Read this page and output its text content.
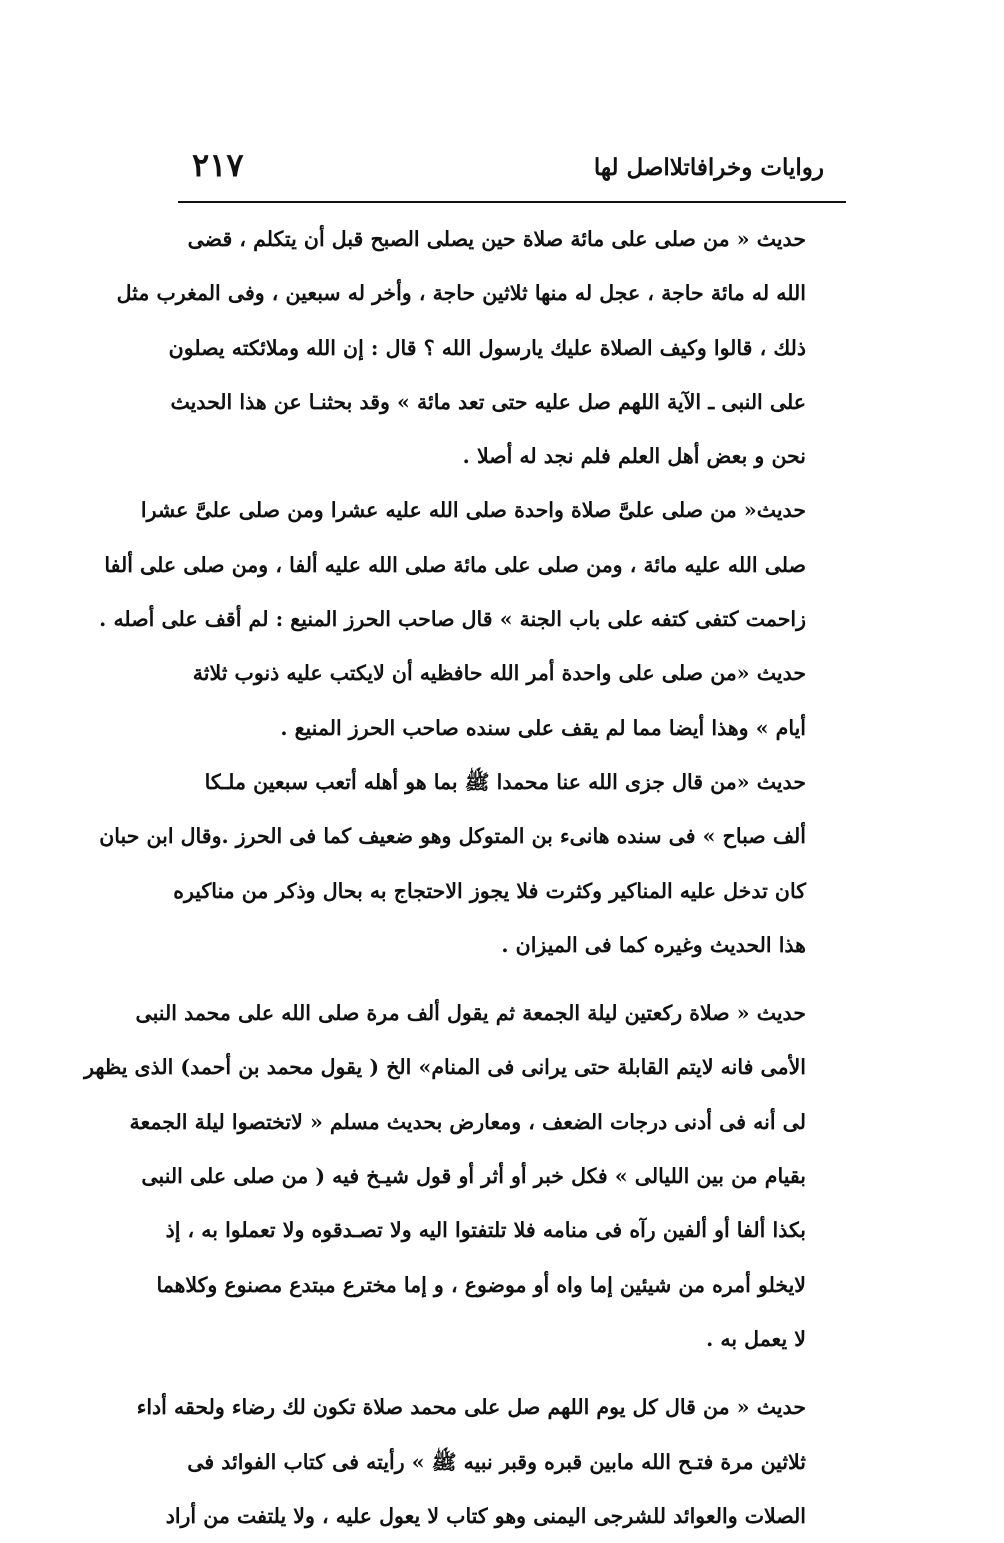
روايات وخرافاتلااصل لها
٢١٧

حديث « من صلى على مائة صلاة حين يصلى الصبح قبل أن يتكلم ، قضى
الله له مائة حاجة ، عجل له منها ثلاثين حاجة ، وأخر له سبعين ، وفى المغرب مثل
ذلك ، قالوا وكيف الصلاة عليك يارسول الله ؟ قال : إن الله وملائكته يصلون
على النبى ـ الآية اللهم صل عليه حتى تعد مائة » وقد بحثنـا عن هذا الحديث
نحن و بعض أهل العلم فلم نجد له أصلا .

حديث« من صلى علىَّ صلاة واحدة صلى الله عليه عشرا ومن صلى علىَّ عشرا
صلى الله عليه مائة ، ومن صلى على مائة صلى الله عليه ألفا ، ومن صلى على ألفا
زاحمت كتفى كتفه على باب الجنة » قال صاحب الحرز المنيع : لم أقف على أصله .

حديث «من صلى على واحدة أمر الله حافظيه أن لايكتب عليه ذنوب ثلاثة
أيام » وهذا أيضا مما لم يقف على سنده صاحب الحرز المنيع .

حديث «من قال جزى الله عنا محمدا ﷺ بما هو أهله أتعب سبعين ملـكا
ألف صباح » فى سنده هانىء بن المتوكل وهو ضعيف كما فى الحرز .وقال ابن حبان
كان تدخل عليه المناكير وكثرت فلا يجوز الاحتجاج به بحال وذكر من مناكيره
هذا الحديث وغيره كما فى الميزان .

حديث « صلاة ركعتين ليلة الجمعة ثم يقول ألف مرة صلى الله على محمد النبى
الأمى فانه لايتم القابلة حتى يرانى فى المنام» الخ ( يقول محمد بن أحمد) الذى يظهر
لى أنه فى أدنى درجات الضعف ، ومعارض بحديث مسلم « لاتختصوا ليلة الجمعة
بقيام من بين الليالى » فكل خبر أو أثر أو قول شيـخ فيه ( من صلى على النبى
بكذا ألفا أو ألفين رآه فى منامه فلا تلتفتوا اليه ولا تصـدقوه ولا تعملوا به ، إذ
لايخلو أمره من شيئين إما واه أو موضوع ، و إما مخترع مبتدع مصنوع وكلاهما
لا يعمل به .

حديث « من قال كل يوم اللهم صل على محمد صلاة تكون لك رضاء ولحقه أداء
ثلاثين مرة فتـح الله مابين قبره وقبر نبيه ﷺ » رأيته فى كتاب الفوائد فى
الصلات والعوائد للشرجى اليمنى وهو كتاب لا يعول عليه ، ولا يلتفت من أراد
